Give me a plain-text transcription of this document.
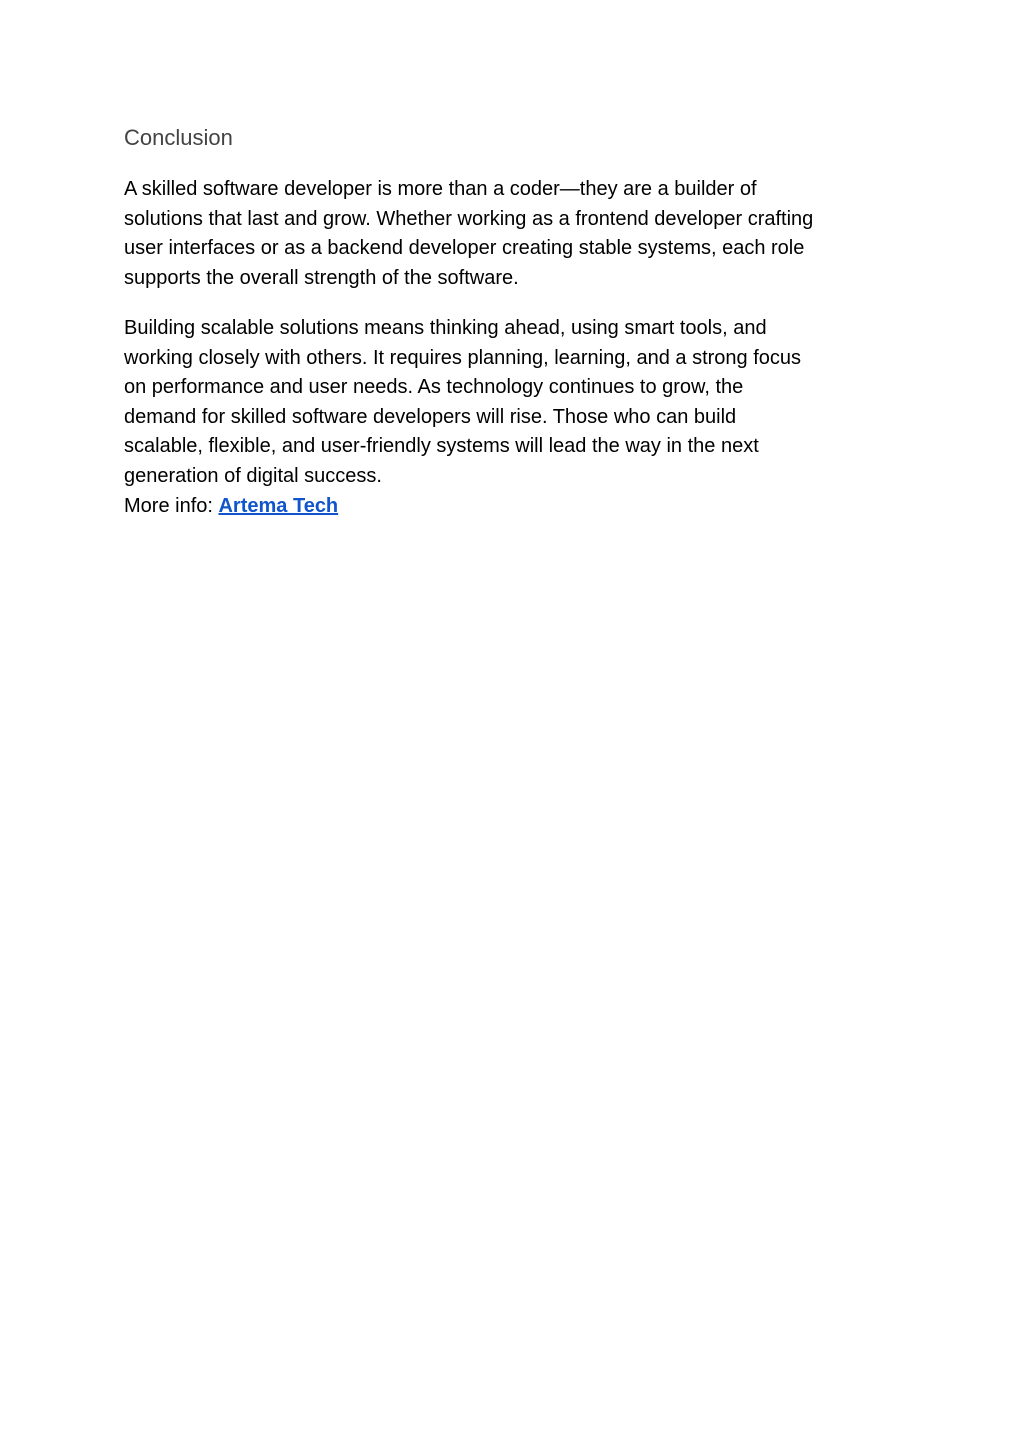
Conclusion

A skilled software developer is more than a coder—they are a builder of
solutions that last and grow. Whether working as a frontend developer crafting
user interfaces or as a backend developer creating stable systems, each role
supports the overall strength of the software.

Building scalable solutions means thinking ahead, using smart tools, and
working closely with others. It requires planning, learning, and a strong focus
on performance and user needs. As technology continues to grow, the
demand for skilled software developers will rise. Those who can build
scalable, flexible, and user-friendly systems will lead the way in the next
generation of digital success.
More info: Artema Tech
